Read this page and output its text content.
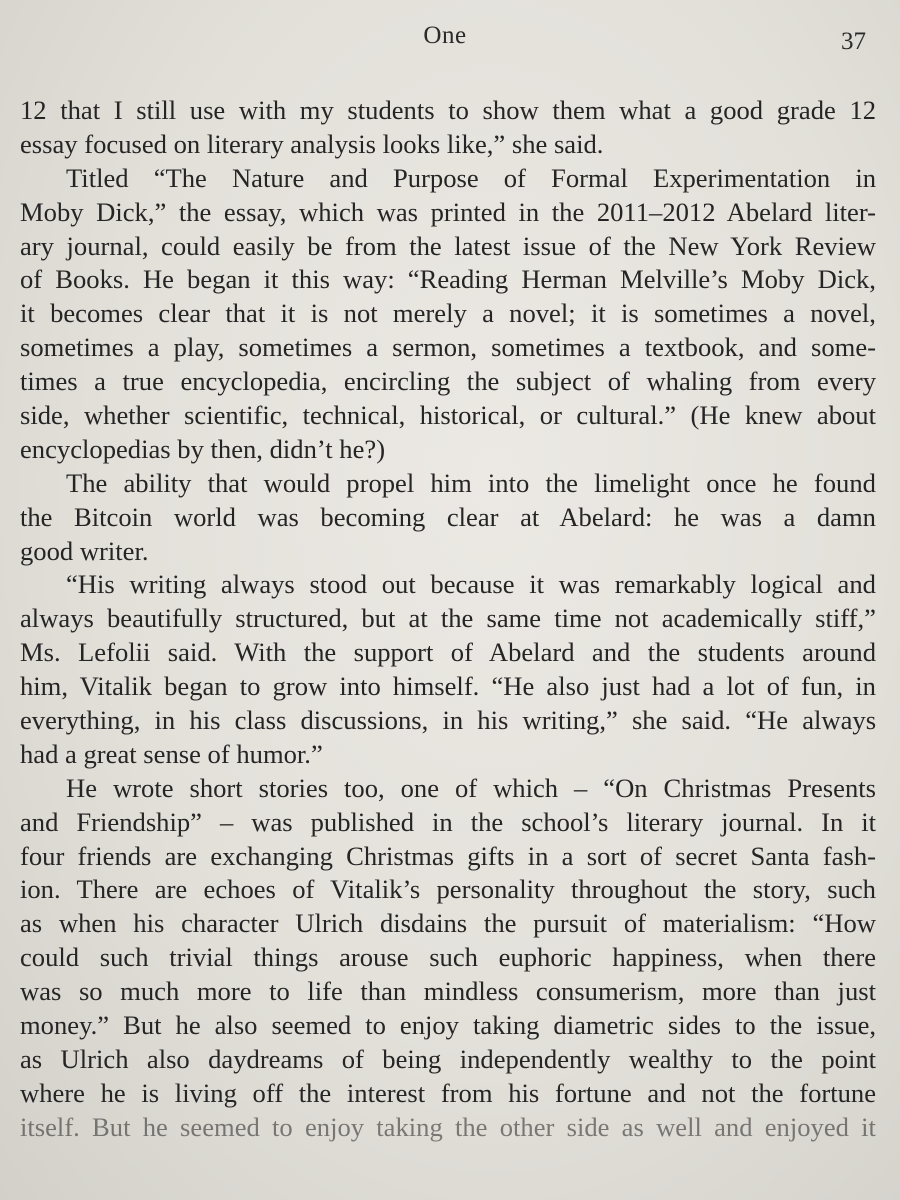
One	37
12 that I still use with my students to show them what a good grade 12
essay focused on literary analysis looks like,” she said.
Titled “The Nature and Purpose of Formal Experimentation in
Moby Dick,” the essay, which was printed in the 2011–2012 Abelard liter-
ary journal, could easily be from the latest issue of the New York Review
of Books. He began it this way: “Reading Herman Melville’s Moby Dick,
it becomes clear that it is not merely a novel; it is sometimes a novel,
sometimes a play, sometimes a sermon, sometimes a textbook, and some-
times a true encyclopedia, encircling the subject of whaling from every
side, whether scientific, technical, historical, or cultural.” (He knew about
encyclopedias by then, didn’t he?)
The ability that would propel him into the limelight once he found
the Bitcoin world was becoming clear at Abelard: he was a damn
good writer.
“His writing always stood out because it was remarkably logical and
always beautifully structured, but at the same time not academically stiff,”
Ms. Lefolii said. With the support of Abelard and the students around
him, Vitalik began to grow into himself. “He also just had a lot of fun, in
everything, in his class discussions, in his writing,” she said. “He always
had a great sense of humor.”
He wrote short stories too, one of which – “On Christmas Presents
and Friendship” – was published in the school’s literary journal. In it
four friends are exchanging Christmas gifts in a sort of secret Santa fash-
ion. There are echoes of Vitalik’s personality throughout the story, such
as when his character Ulrich disdains the pursuit of materialism: “How
could such trivial things arouse such euphoric happiness, when there
was so much more to life than mindless consumerism, more than just
money.” But he also seemed to enjoy taking diametric sides to the issue,
as Ulrich also daydreams of being independently wealthy to the point
where he is living off the interest from his fortune and not the fortune
itself. But he seemed to enjoy taking the other side as well and enjoyed it
